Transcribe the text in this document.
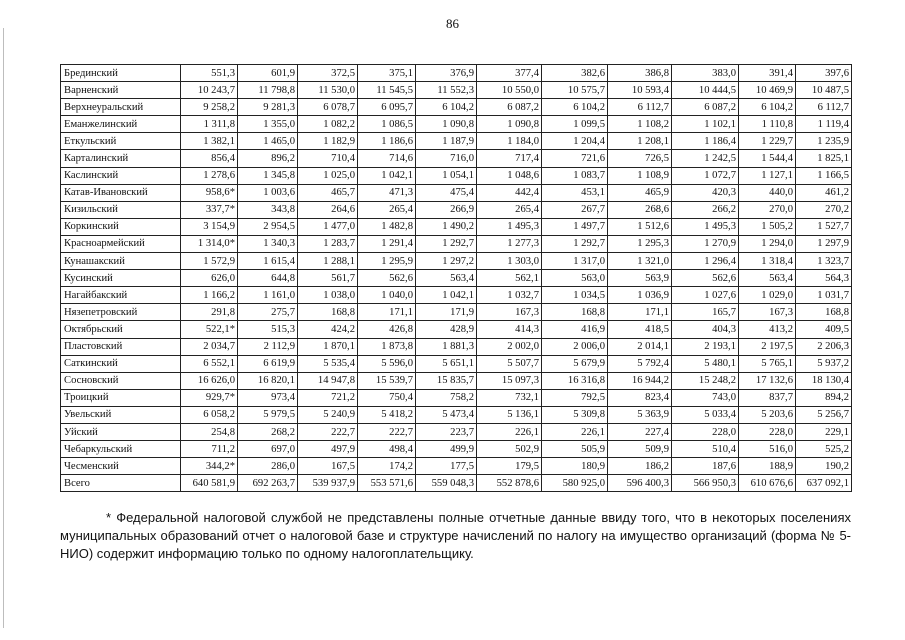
86
Брединский	551,3	601,9	372,5	375,1	376,9	377,4	382,6	386,8	383,0	391,4	397,6
Варненский	10 243,7	11 798,8	11 530,0	11 545,5	11 552,3	10 550,0	10 575,7	10 593,4	10 444,5	10 469,9	10 487,5
Верхнеуральский	9 258,2	9 281,3	6 078,7	6 095,7	6 104,2	6 087,2	6 104,2	6 112,7	6 087,2	6 104,2	6 112,7
Еманжелинский	1 311,8	1 355,0	1 082,2	1 086,5	1 090,8	1 090,8	1 099,5	1 108,2	1 102,1	1 110,8	1 119,4
Еткульский	1 382,1	1 465,0	1 182,9	1 186,6	1 187,9	1 184,0	1 204,4	1 208,1	1 186,4	1 229,7	1 235,9
Карталинский	856,4	896,2	710,4	714,6	716,0	717,4	721,6	726,5	1 242,5	1 544,4	1 825,1
Каслинский	1 278,6	1 345,8	1 025,0	1 042,1	1 054,1	1 048,6	1 083,7	1 108,9	1 072,7	1 127,1	1 166,5
Катав-Ивановский	958,6*	1 003,6	465,7	471,3	475,4	442,4	453,1	465,9	420,3	440,0	461,2
Кизильский	337,7*	343,8	264,6	265,4	266,9	265,4	267,7	268,6	266,2	270,0	270,2
Коркинский	3 154,9	2 954,5	1 477,0	1 482,8	1 490,2	1 495,3	1 497,7	1 512,6	1 495,3	1 505,2	1 527,7
Красноармейский	1 314,0*	1 340,3	1 283,7	1 291,4	1 292,7	1 277,3	1 292,7	1 295,3	1 270,9	1 294,0	1 297,9
Кунашакский	1 572,9	1 615,4	1 288,1	1 295,9	1 297,2	1 303,0	1 317,0	1 321,0	1 296,4	1 318,4	1 323,7
Кусинский	626,0	644,8	561,7	562,6	563,4	562,1	563,0	563,9	562,6	563,4	564,3
Нагайбакский	1 166,2	1 161,0	1 038,0	1 040,0	1 042,1	1 032,7	1 034,5	1 036,9	1 027,6	1 029,0	1 031,7
Нязепетровский	291,8	275,7	168,8	171,1	171,9	167,3	168,8	171,1	165,7	167,3	168,8
Октябрьский	522,1*	515,3	424,2	426,8	428,9	414,3	416,9	418,5	404,3	413,2	409,5
Пластовский	2 034,7	2 112,9	1 870,1	1 873,8	1 881,3	2 002,0	2 006,0	2 014,1	2 193,1	2 197,5	2 206,3
Саткинский	6 552,1	6 619,9	5 535,4	5 596,0	5 651,1	5 507,7	5 679,9	5 792,4	5 480,1	5 765,1	5 937,2
Сосновский	16 626,0	16 820,1	14 947,8	15 539,7	15 835,7	15 097,3	16 316,8	16 944,2	15 248,2	17 132,6	18 130,4
Троицкий	929,7*	973,4	721,2	750,4	758,2	732,1	792,5	823,4	743,0	837,7	894,2
Увельский	6 058,2	5 979,5	5 240,9	5 418,2	5 473,4	5 136,1	5 309,8	5 363,9	5 033,4	5 203,6	5 256,7
Уйский	254,8	268,2	222,7	222,7	223,7	226,1	226,1	227,4	228,0	228,0	229,1
Чебаркульский	711,2	697,0	497,9	498,4	499,9	502,9	505,9	509,9	510,4	516,0	525,2
Чесменский	344,2*	286,0	167,5	174,2	177,5	179,5	180,9	186,2	187,6	188,9	190,2
Всего	640 581,9	692 263,7	539 937,9	553 571,6	559 048,3	552 878,6	580 925,0	596 400,3	566 950,3	610 676,6	637 092,1
* Федеральной налоговой службой не представлены полные отчетные данные ввиду того, что в некоторых поселениях муниципальных образований отчет о налоговой базе и структуре начислений по налогу на имущество организаций (форма № 5-НИО) содержит информацию только по одному налогоплательщику.
